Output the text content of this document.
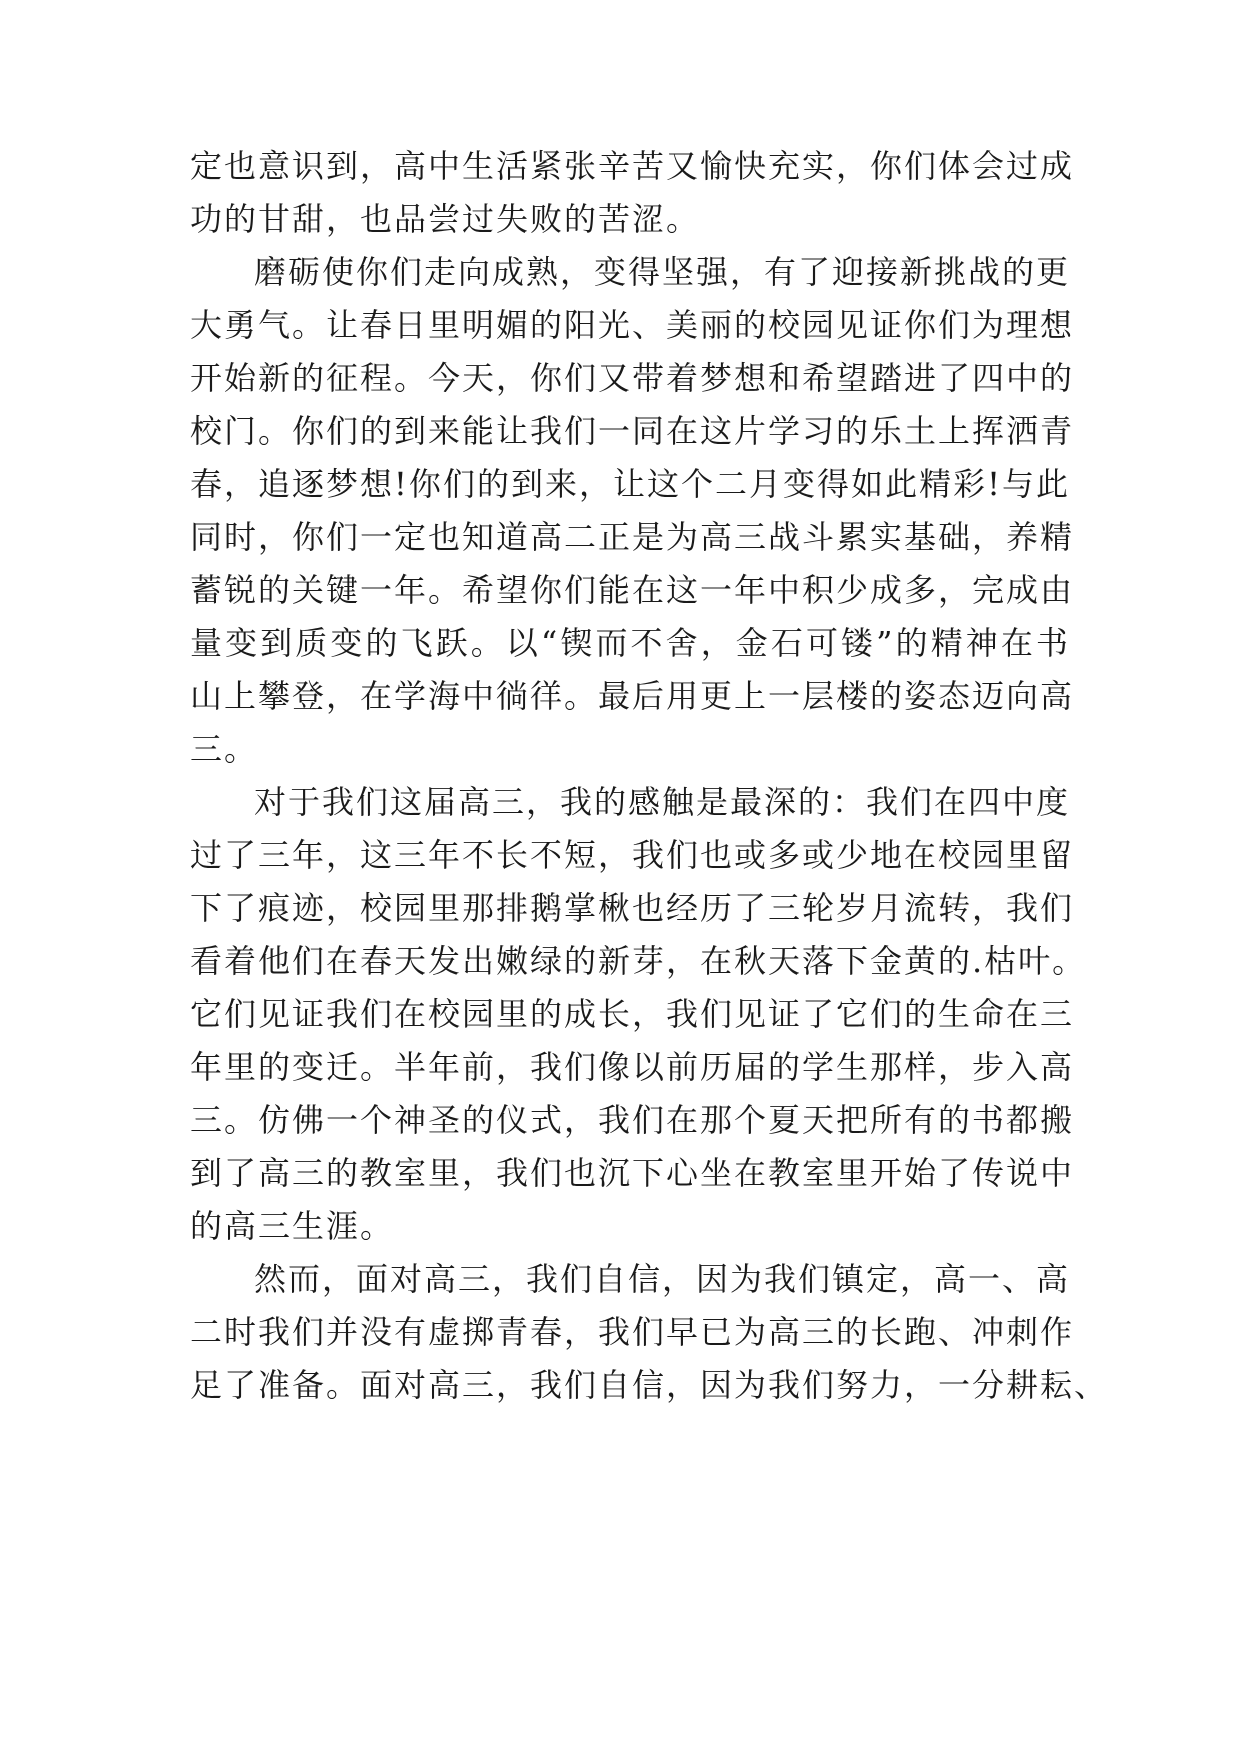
定也意识到，高中生活紧张辛苦又愉快充实，你们体会过成
功的甘甜，也品尝过失败的苦涩。
磨砺使你们走向成熟，变得坚强，有了迎接新挑战的更
大勇气。让春日里明媚的阳光、美丽的校园见证你们为理想
开始新的征程。今天，你们又带着梦想和希望踏进了四中的
校门。你们的到来能让我们一同在这片学习的乐土上挥洒青
春，追逐梦想!你们的到来，让这个二月变得如此精彩!与此
同时，你们一定也知道高二正是为高三战斗累实基础，养精
蓄锐的关键一年。希望你们能在这一年中积少成多，完成由
量变到质变的飞跃。以“锲而不舍，金石可镂”的精神在书
山上攀登，在学海中徜徉。最后用更上一层楼的姿态迈向高
三。
对于我们这届高三，我的感触是最深的：我们在四中度
过了三年，这三年不长不短，我们也或多或少地在校园里留
下了痕迹，校园里那排鹅掌楸也经历了三轮岁月流转，我们
看着他们在春天发出嫩绿的新芽，在秋天落下金黄的.枯叶。
它们见证我们在校园里的成长，我们见证了它们的生命在三
年里的变迁。半年前，我们像以前历届的学生那样，步入高
三。仿佛一个神圣的仪式，我们在那个夏天把所有的书都搬
到了高三的教室里，我们也沉下心坐在教室里开始了传说中
的高三生涯。
然而，面对高三，我们自信，因为我们镇定，高一、高
二时我们并没有虚掷青春，我们早已为高三的长跑、冲刺作
足了准备。面对高三，我们自信，因为我们努力，一分耕耘、
